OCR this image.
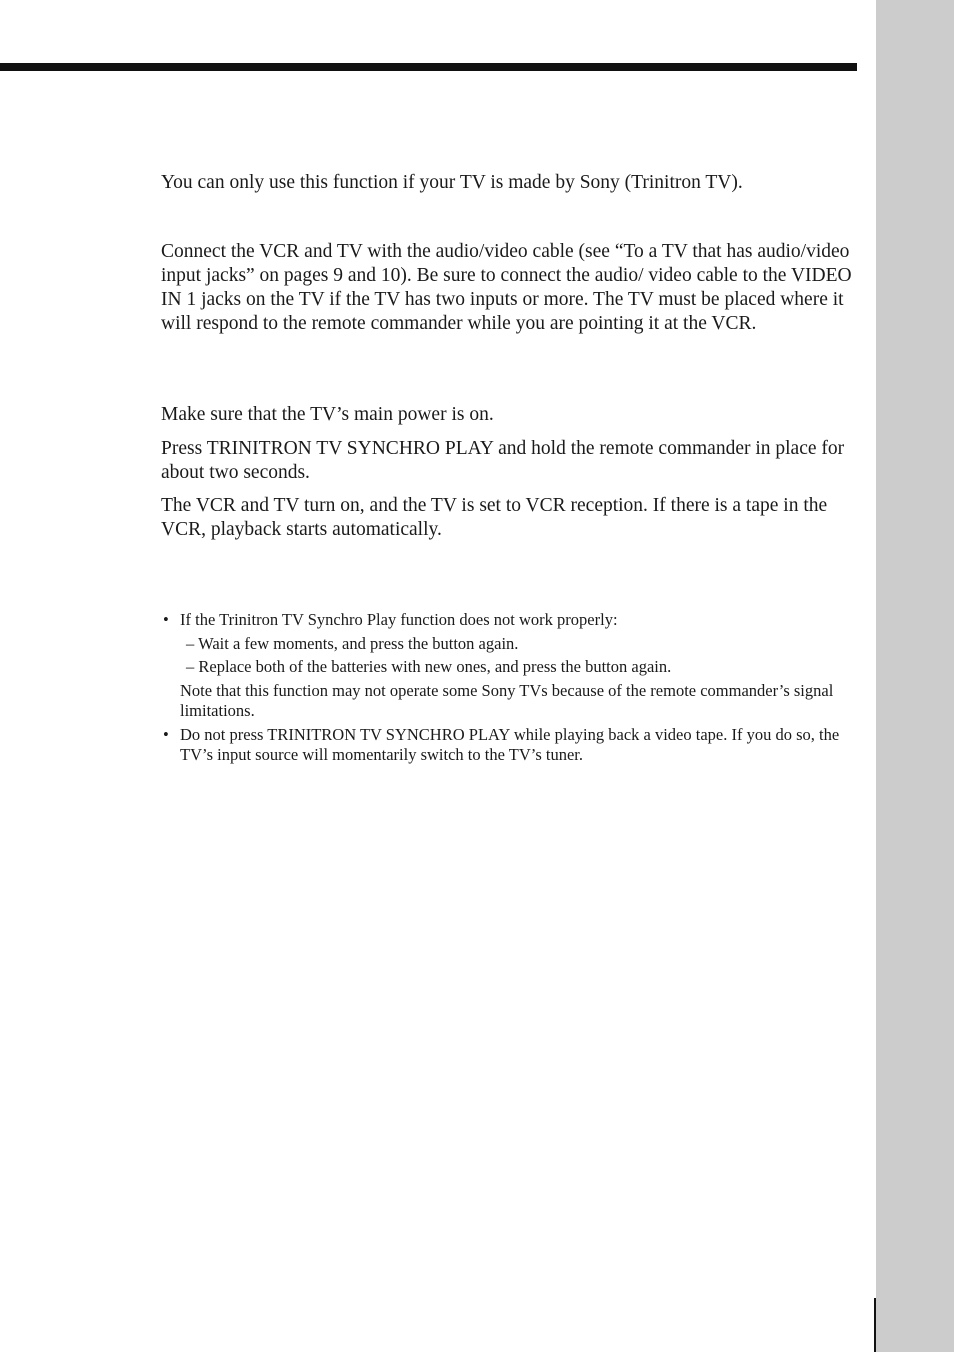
You can only use this function if your TV is made by Sony (Trinitron TV).

Connect the VCR and TV with the audio/video cable (see “To a TV that has audio/video input jacks” on pages 9 and 10). Be sure to connect the audio/ video cable to the VIDEO IN 1 jacks on the TV if the TV has two inputs or more. The TV must be placed where it will respond to the remote commander while you are pointing it at the VCR.

Make sure that the TV’s main power is on.

Press TRINITRON TV SYNCHRO PLAY and hold the remote commander in place for about two seconds.

The VCR and TV turn on, and the TV is set to VCR reception. If there is a tape in the VCR, playback starts automatically.

• If the Trinitron TV Synchro Play function does not work properly:
– Wait a few moments, and press the button again.
– Replace both of the batteries with new ones, and press the button again.
Note that this function may not operate some Sony TVs because of the remote commander’s signal limitations.
• Do not press TRINITRON TV SYNCHRO PLAY while playing back a video tape. If you do so, the TV’s input source will momentarily switch to the TV’s tuner.
